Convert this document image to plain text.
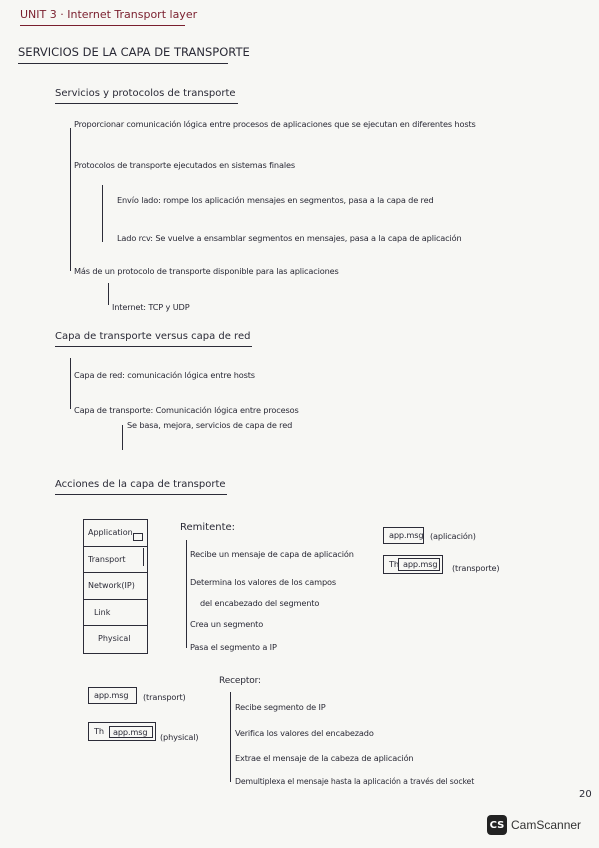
UNIT 3 · Internet Transport layer
SERVICIOS DE LA CAPA DE TRANSPORTE
Servicios y protocolos de transporte
Proporcionar comunicación lógica entre procesos de aplicaciones que se ejecutan en diferentes hosts
Protocolos de transporte ejecutados en sistemas finales
Envío lado: rompe los aplicación mensajes en segmentos, pasa a la capa de red
Lado rcv: Se vuelve a ensamblar segmentos en mensajes, pasa a la capa de aplicación
Más de un protocolo de transporte disponible para las aplicaciones
Internet: TCP y UDP
Capa de transporte versus capa de red
Capa de red: comunicación lógica entre hosts
Capa de transporte: Comunicación lógica entre procesos
Se basa, mejora, servicios de capa de red
Acciones de la capa de transporte
Application
Transport
Network(IP)
Link
Physical
Remitente:
Recibe un mensaje de capa de aplicación
Determina los valores de los campos
del encabezado del segmento
Crea un segmento
Pasa el segmento a IP
app.msg (aplicación)
Th app.msg (transporte)
Receptor:
Recibe segmento de IP
Verifica los valores del encabezado
Extrae el mensaje de la cabeza de aplicación
Demultiplexa el mensaje hasta la aplicación a través del socket
app.msg (transport)
Th app.msg (physical)
20
CS CamScanner
